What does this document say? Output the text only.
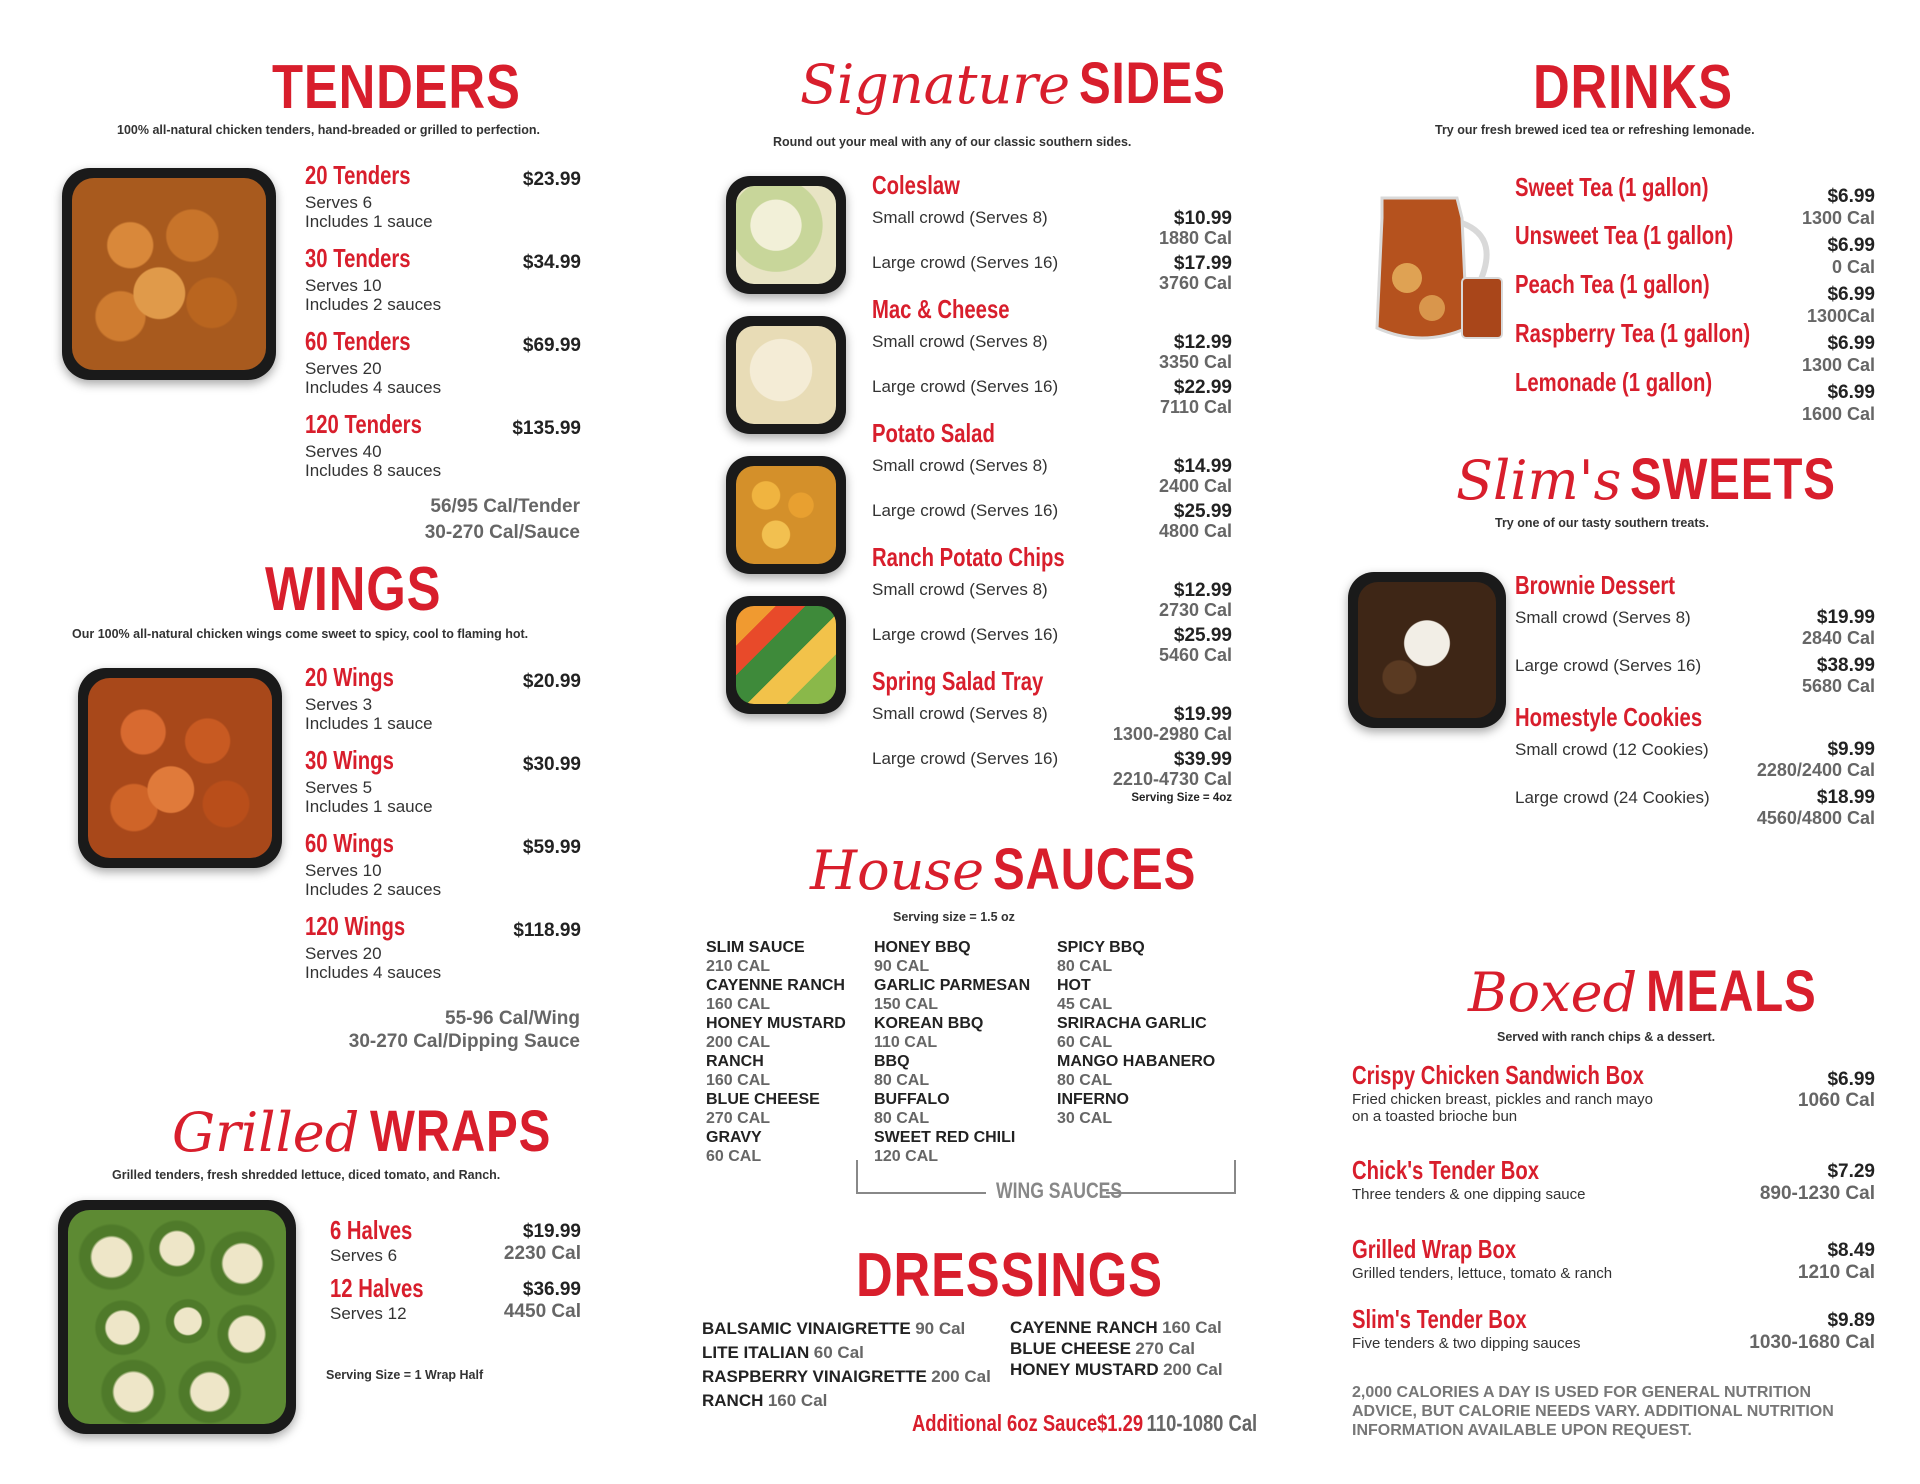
TENDERS
100% all-natural chicken tenders, hand-breaded or grilled to perfection.
20 Tenders
Serves 6
Includes 1 sauce
$23.99
30 Tenders
Serves 10
Includes 2 sauces
$34.99
60 Tenders
Serves 20
Includes 4 sauces
$69.99
120 Tenders
Serves 40
Includes 8 sauces
$135.99
56/95 Cal/Tender
30-270 Cal/Sauce
WINGS
Our 100% all-natural chicken wings come sweet to spicy, cool to flaming hot.
20 Wings
Serves 3
Includes 1 sauce
$20.99
30 Wings
Serves 5
Includes 1 sauce
$30.99
60 Wings
Serves 10
Includes 2 sauces
$59.99
120 Wings
Serves 20
Includes 4 sauces
$118.99
55-96 Cal/Wing
30-270 Cal/Dipping Sauce
Grilled WRAPS
Grilled tenders, fresh shredded lettuce, diced tomato, and Ranch.
6 Halves
Serves 6
$19.99
2230 Cal
12 Halves
Serves 12
$36.99
4450 Cal
Serving Size = 1 Wrap Half
Signature SIDES
Round out your meal with any of our classic southern sides.
Coleslaw
Small crowd (Serves 8)	$10.99
1880 Cal
Large crowd (Serves 16)	$17.99
3760 Cal
Mac & Cheese
Small crowd (Serves 8)	$12.99
3350 Cal
Large crowd (Serves 16)	$22.99
7110 Cal
Potato Salad
Small crowd (Serves 8)	$14.99
2400 Cal
Large crowd (Serves 16)	$25.99
4800 Cal
Ranch Potato Chips
Small crowd (Serves 8)	$12.99
2730 Cal
Large crowd (Serves 16)	$25.99
5460 Cal
Spring Salad Tray
Small crowd (Serves 8)	$19.99
1300-2980 Cal
Large crowd (Serves 16)	$39.99
2210-4730 Cal
Serving Size = 4oz
House SAUCES
Serving size = 1.5 oz
SLIM SAUCE
210 CAL
CAYENNE RANCH
160 CAL
HONEY MUSTARD
200 CAL
RANCH
160 CAL
BLUE CHEESE
270 CAL
GRAVY
60 CAL
HONEY BBQ
90 CAL
GARLIC PARMESAN
150 CAL
KOREAN BBQ
110 CAL
BBQ
80 CAL
BUFFALO
80 CAL
SWEET RED CHILI
120 CAL
SPICY BBQ
80 CAL
HOT
45 CAL
SRIRACHA GARLIC
60 CAL
MANGO HABANERO
80 CAL
INFERNO
30 CAL
WING SAUCES
DRESSINGS
BALSAMIC VINAIGRETTE 90 Cal
LITE ITALIAN 60 Cal
RASPBERRY VINAIGRETTE 200 Cal
RANCH 160 Cal
CAYENNE RANCH 160 Cal
BLUE CHEESE 270 Cal
HONEY MUSTARD 200 Cal
Additional 6oz Sauce$1.29 110-1080 Cal
DRINKS
Try our fresh brewed iced tea or refreshing lemonade.
Sweet Tea (1 gallon)	$6.99
1300 Cal
Unsweet Tea (1 gallon)	$6.99
0 Cal
Peach Tea (1 gallon)	$6.99
1300Cal
Raspberry Tea (1 gallon)	$6.99
1300 Cal
Lemonade (1 gallon)	$6.99
1600 Cal
Slim's SWEETS
Try one of our tasty southern treats.
Brownie Dessert
Small crowd (Serves 8)	$19.99
2840 Cal
Large crowd (Serves 16)	$38.99
5680 Cal
Homestyle Cookies
Small crowd (12 Cookies)	$9.99
2280/2400 Cal
Large crowd (24 Cookies)	$18.99
4560/4800 Cal
Boxed MEALS
Served with ranch chips & a dessert.
Crispy Chicken Sandwich Box
Fried chicken breast, pickles and ranch mayo
on a toasted brioche bun
$6.99
1060 Cal
Chick's Tender Box
Three tenders & one dipping sauce
$7.29
890-1230 Cal
Grilled Wrap Box
Grilled tenders, lettuce, tomato & ranch
$8.49
1210 Cal
Slim's Tender Box
Five tenders & two dipping sauces
$9.89
1030-1680 Cal
2,000 CALORIES A DAY IS USED FOR GENERAL NUTRITION
ADVICE, BUT CALORIE NEEDS VARY. ADDITIONAL NUTRITION
INFORMATION AVAILABLE UPON REQUEST.
